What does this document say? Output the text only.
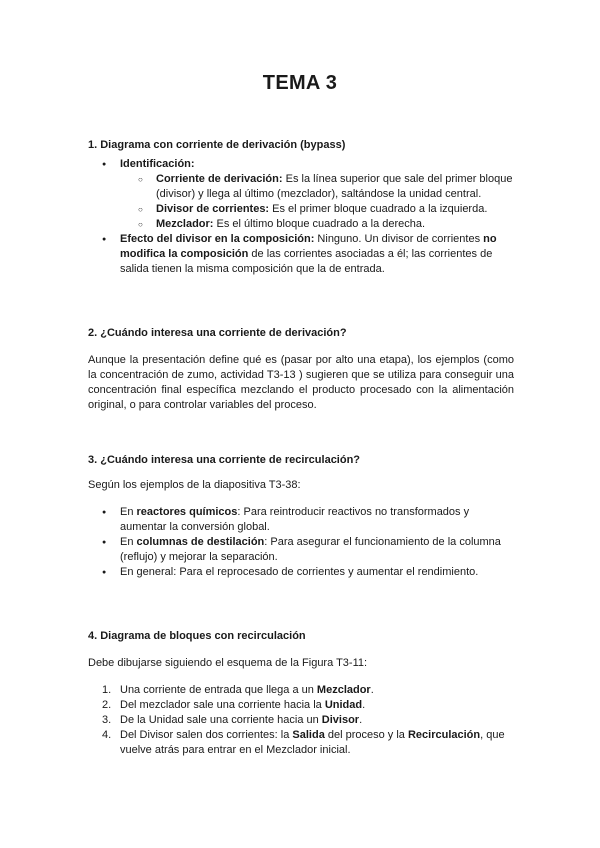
TEMA 3
1. Diagrama con corriente de derivación (bypass)
● Identificación:
○ Corriente de derivación: Es la línea superior que sale del primer bloque (divisor) y llega al último (mezclador), saltándose la unidad central.
○ Divisor de corrientes: Es el primer bloque cuadrado a la izquierda.
○ Mezclador: Es el último bloque cuadrado a la derecha.
● Efecto del divisor en la composición: Ninguno. Un divisor de corrientes no modifica la composición de las corrientes asociadas a él; las corrientes de salida tienen la misma composición que la de entrada.
2. ¿Cuándo interesa una corriente de derivación?
Aunque la presentación define qué es (pasar por alto una etapa), los ejemplos (como la concentración de zumo, actividad T3-13 ) sugieren que se utiliza para conseguir una concentración final específica mezclando el producto procesado con la alimentación original, o para controlar variables del proceso.
3. ¿Cuándo interesa una corriente de recirculación?
Según los ejemplos de la diapositiva T3-38:
● En reactores químicos: Para reintroducir reactivos no transformados y aumentar la conversión global.
● En columnas de destilación: Para asegurar el funcionamiento de la columna (reflujo) y mejorar la separación.
● En general: Para el reprocesado de corrientes y aumentar el rendimiento.
4. Diagrama de bloques con recirculación
Debe dibujarse siguiendo el esquema de la Figura T3-11:
1. Una corriente de entrada que llega a un Mezclador.
2. Del mezclador sale una corriente hacia la Unidad.
3. De la Unidad sale una corriente hacia un Divisor.
4. Del Divisor salen dos corrientes: la Salida del proceso y la Recirculación, que vuelve atrás para entrar en el Mezclador inicial.
